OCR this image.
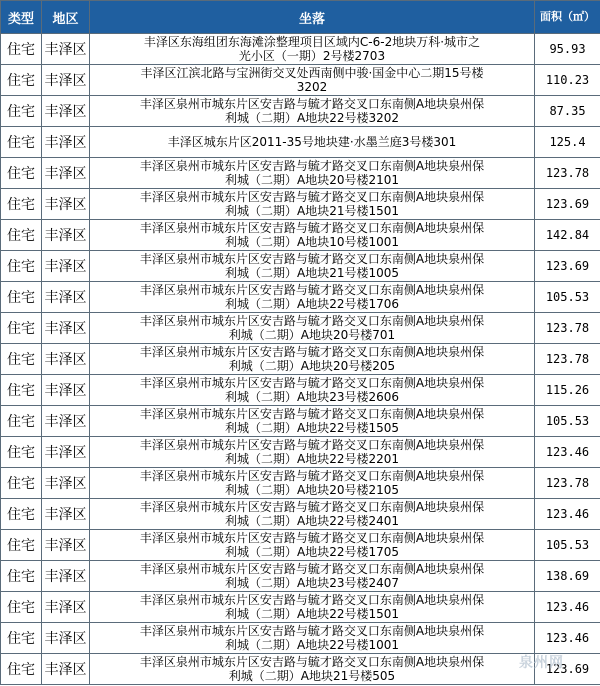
类型	地区	坐落	面积（㎡）
住宅	丰泽区	丰泽区东海组团东海滩涂整理项目区域内C-6-2地块万科·城市之
光小区（一期）2号楼2703	95.93
住宅	丰泽区	丰泽区江滨北路与宝洲街交叉处西南侧中骏·国金中心二期15号楼
3202	110.23
住宅	丰泽区	丰泽区泉州市城东片区安吉路与毓才路交叉口东南侧A地块泉州保
利城（二期）A地块22号楼3202	87.35
住宅	丰泽区	丰泽区城东片区2011-35号地块建·水墨兰庭3号楼301	125.4
住宅	丰泽区	丰泽区泉州市城东片区安吉路与毓才路交叉口东南侧A地块泉州保
利城（二期）A地块20号楼2101	123.78
住宅	丰泽区	丰泽区泉州市城东片区安吉路与毓才路交叉口东南侧A地块泉州保
利城（二期）A地块21号楼1501	123.69
住宅	丰泽区	丰泽区泉州市城东片区安吉路与毓才路交叉口东南侧A地块泉州保
利城（二期）A地块10号楼1001	142.84
住宅	丰泽区	丰泽区泉州市城东片区安吉路与毓才路交叉口东南侧A地块泉州保
利城（二期）A地块21号楼1005	123.69
住宅	丰泽区	丰泽区泉州市城东片区安吉路与毓才路交叉口东南侧A地块泉州保
利城（二期）A地块22号楼1706	105.53
住宅	丰泽区	丰泽区泉州市城东片区安吉路与毓才路交叉口东南侧A地块泉州保
利城（二期）A地块20号楼701	123.78
住宅	丰泽区	丰泽区泉州市城东片区安吉路与毓才路交叉口东南侧A地块泉州保
利城（二期）A地块20号楼205	123.78
住宅	丰泽区	丰泽区泉州市城东片区安吉路与毓才路交叉口东南侧A地块泉州保
利城（二期）A地块23号楼2606	115.26
住宅	丰泽区	丰泽区泉州市城东片区安吉路与毓才路交叉口东南侧A地块泉州保
利城（二期）A地块22号楼1505	105.53
住宅	丰泽区	丰泽区泉州市城东片区安吉路与毓才路交叉口东南侧A地块泉州保
利城（二期）A地块22号楼2201	123.46
住宅	丰泽区	丰泽区泉州市城东片区安吉路与毓才路交叉口东南侧A地块泉州保
利城（二期）A地块20号楼2105	123.78
住宅	丰泽区	丰泽区泉州市城东片区安吉路与毓才路交叉口东南侧A地块泉州保
利城（二期）A地块22号楼2401	123.46
住宅	丰泽区	丰泽区泉州市城东片区安吉路与毓才路交叉口东南侧A地块泉州保
利城（二期）A地块22号楼1705	105.53
住宅	丰泽区	丰泽区泉州市城东片区安吉路与毓才路交叉口东南侧A地块泉州保
利城（二期）A地块23号楼2407	138.69
住宅	丰泽区	丰泽区泉州市城东片区安吉路与毓才路交叉口东南侧A地块泉州保
利城（二期）A地块22号楼1501	123.46
住宅	丰泽区	丰泽区泉州市城东片区安吉路与毓才路交叉口东南侧A地块泉州保
利城（二期）A地块22号楼1001	123.46
住宅	丰泽区	丰泽区泉州市城东片区安吉路与毓才路交叉口东南侧A地块泉州保
利城（二期）A地块21号楼505	123.69
泉州网
